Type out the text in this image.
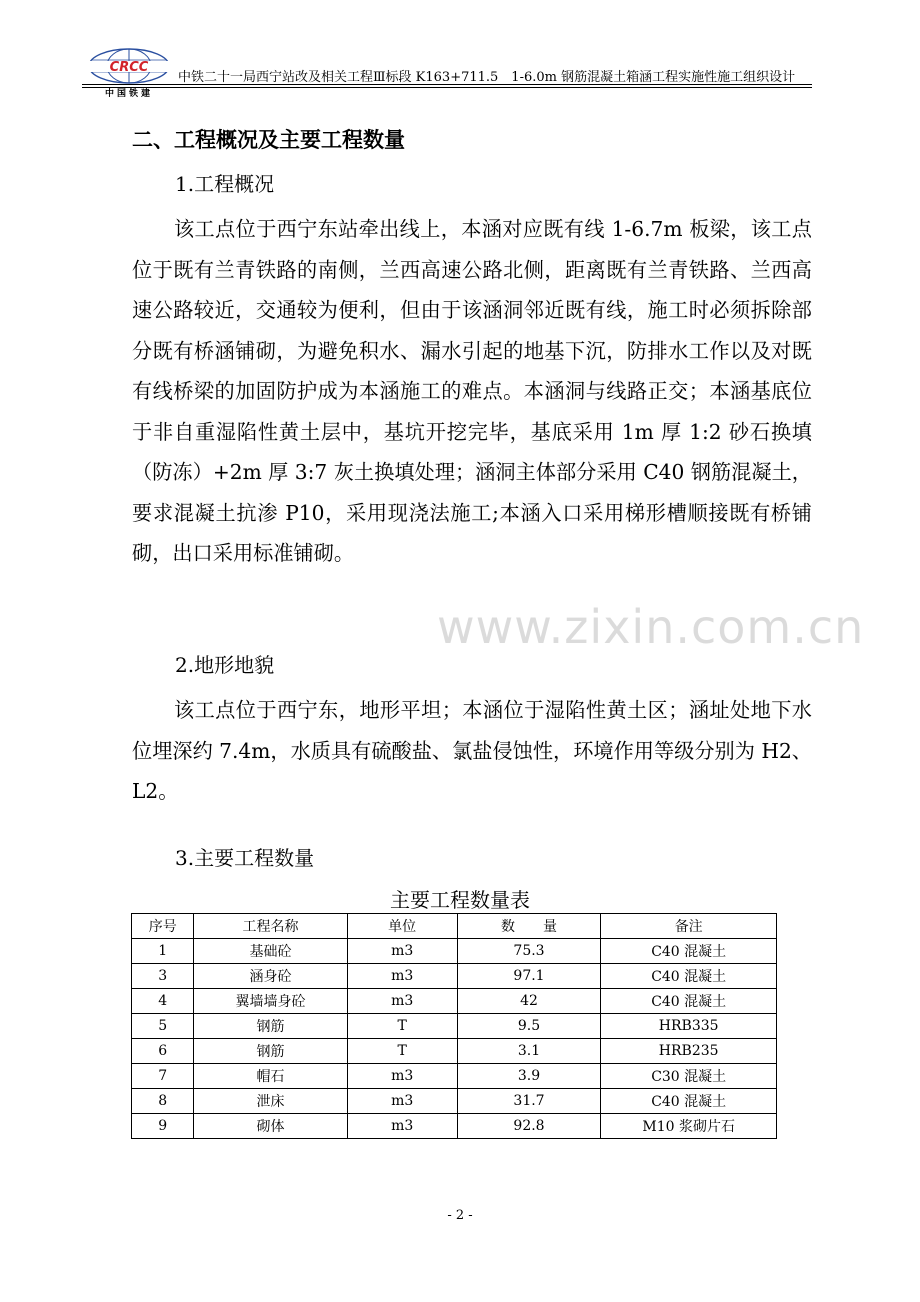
CRCC
中国铁建
中铁二十一局西宁站改及相关工程Ⅲ标段 K163+711.5　1-6.0m 钢筋混凝土箱涵工程实施性施工组织设计
二、工程概况及主要工程数量
1.工程概况
该工点位于西宁东站牵出线上，本涵对应既有线 1-6.7m 板梁，该工点位于既有兰青铁路的南侧，兰西高速公路北侧，距离既有兰青铁路、兰西高速公路较近，交通较为便利，但由于该涵洞邻近既有线，施工时必须拆除部分既有桥涵铺砌，为避免积水、漏水引起的地基下沉，防排水工作以及对既有线桥梁的加固防护成为本涵施工的难点。本涵洞与线路正交；本涵基底位于非自重湿陷性黄土层中，基坑开挖完毕，基底采用 1m 厚 1:2 砂石换填（防冻）+2m 厚 3:7 灰土换填处理；涵洞主体部分采用 C40 钢筋混凝土，要求混凝土抗渗 P10，采用现浇法施工;本涵入口采用梯形槽顺接既有桥铺砌，出口采用标准铺砌。
www.zixin.com.cn
2.地形地貌
该工点位于西宁东，地形平坦；本涵位于湿陷性黄土区；涵址处地下水位埋深约 7.4m，水质具有硫酸盐、氯盐侵蚀性，环境作用等级分别为 H2、L2。
3.主要工程数量
主要工程数量表
序号	工程名称	单位	数　　量	备注
1	基础砼	m3	75.3	C40 混凝土
3	涵身砼	m3	97.1	C40 混凝土
4	翼墙墙身砼	m3	42	C40 混凝土
5	钢筋	T	9.5	HRB335
6	钢筋	T	3.1	HRB235
7	帽石	m3	3.9	C30 混凝土
8	泄床	m3	31.7	C40 混凝土
9	砌体	m3	92.8	M10 浆砌片石
- 2 -
